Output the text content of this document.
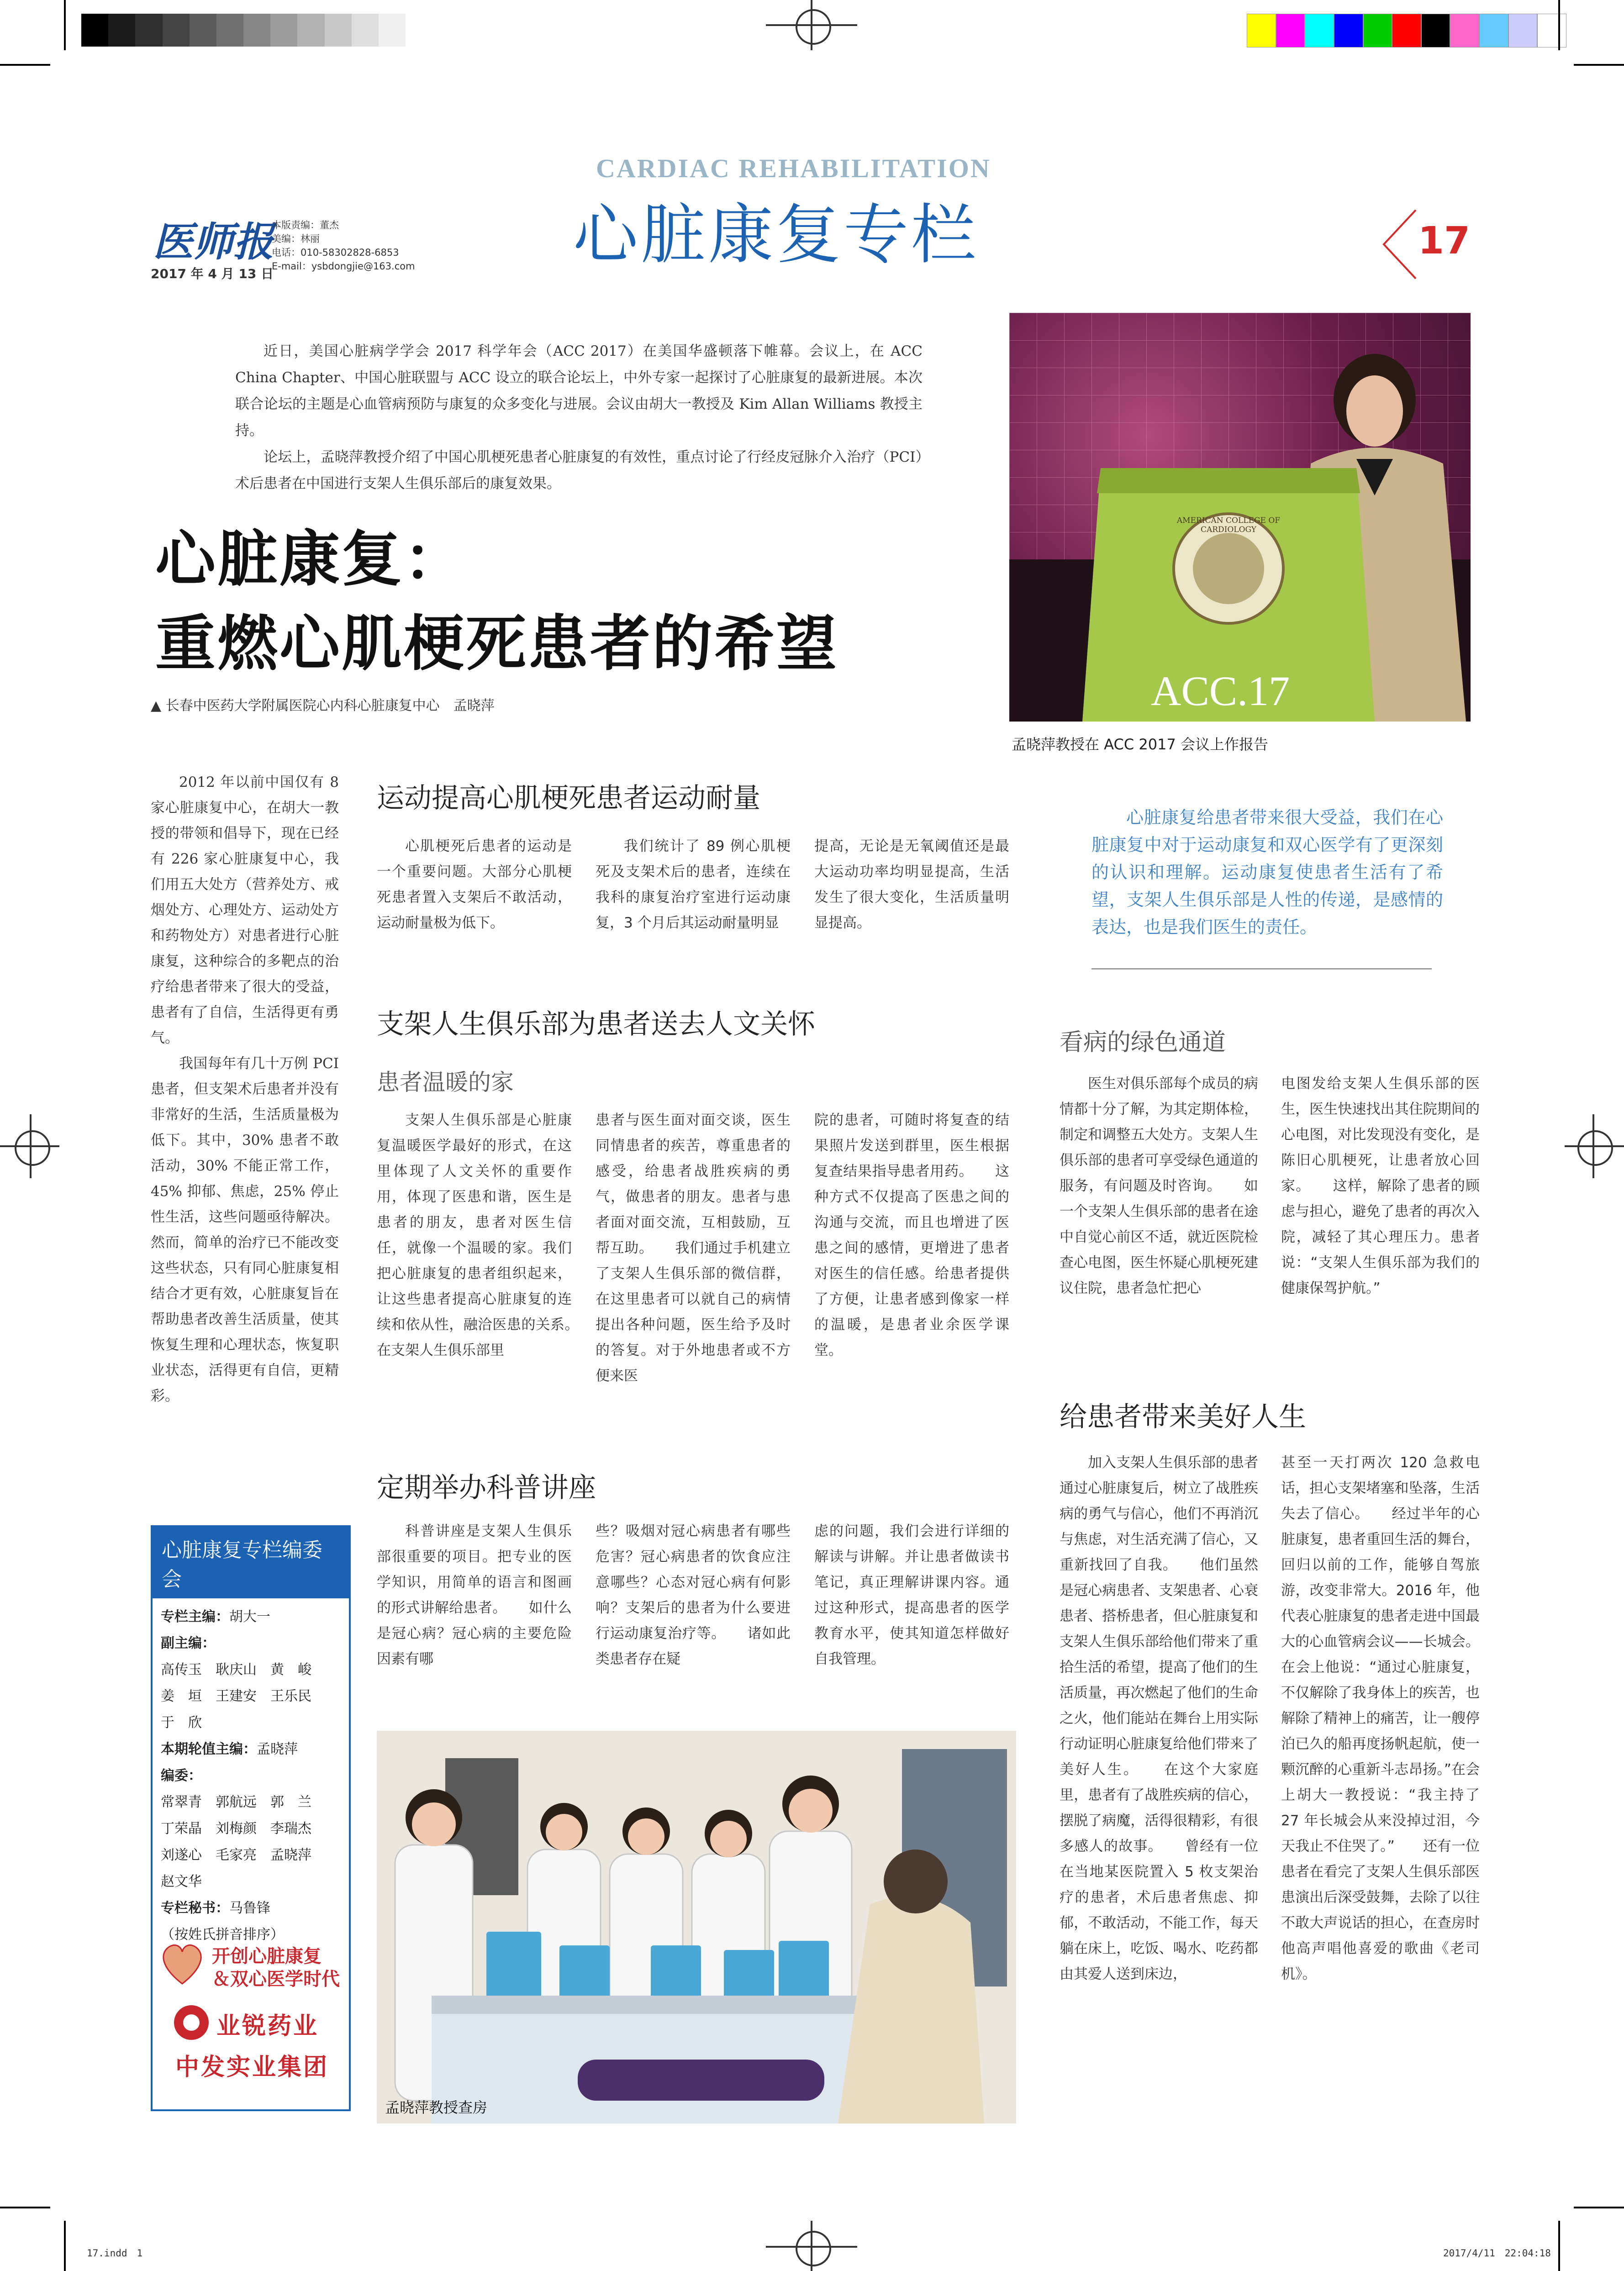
医师报
2017 年 4 月 13 日
本版责编：董杰
美编：林丽
电话：010-58302828-6853
E-mail：ysbdongjie@163.com
CARDIAC REHABILITATION
心脏康复专栏	17

近日，美国心脏病学学会 2017 科学年会（ACC 2017）在美国华盛顿落下帷幕。会议上，在 ACC China Chapter、中国心脏联盟与 ACC 设立的联合论坛上，中外专家一起探讨了心脏康复的最新进展。本次联合论坛的主题是心血管病预防与康复的众多变化与进展。会议由胡大一教授及 Kim Allan Williams 教授主持。

论坛上，孟晓萍教授介绍了中国心肌梗死患者心脏康复的有效性，重点讨论了行经皮冠脉介入治疗（PCI）术后患者在中国进行支架人生俱乐部后的康复效果。

心脏康复：
重燃心肌梗死患者的希望
▲ 长春中医药大学附属医院心内科心脏康复中心　孟晓萍
AMERICAN COLLEGE OF CARDIOLOGY
ACC.17
孟晓萍教授在 ACC 2017 会议上作报告

2012 年以前中国仅有 8 家心脏康复中心，在胡大一教授的带领和倡导下，现在已经有 226 家心脏康复中心，我们用五大处方（营养处方、戒烟处方、心理处方、运动处方和药物处方）对患者进行心脏康复，这种综合的多靶点的治疗给患者带来了很大的受益，患者有了自信，生活得更有勇气。

我国每年有几十万例 PCI 患者，但支架术后患者并没有非常好的生活，生活质量极为低下。其中，30% 患者不敢活动，30% 不能正常工作，45% 抑郁、焦虑，25% 停止性生活，这些问题亟待解决。然而，简单的治疗已不能改变这些状态，只有同心脏康复相结合才更有效，心脏康复旨在帮助患者改善生活质量，使其恢复生理和心理状态，恢复职业状态，活得更有自信，更精彩。

运动提高心肌梗死患者运动耐量

心肌梗死后患者的运动是一个重要问题。大部分心肌梗死患者置入支架后不敢活动，运动耐量极为低下。

我们统计了 89 例心肌梗死及支架术后的患者，连续在我科的康复治疗室进行运动康复，3 个月后其运动耐量明显

提高，无论是无氧阈值还是最大运动功率均明显提高，生活发生了很大变化，生活质量明显提高。

心脏康复给患者带来很大受益，我们在心脏康复中对于运动康复和双心医学有了更深刻的认识和理解。运动康复使患者生活有了希望，支架人生俱乐部是人性的传递，是感情的表达，也是我们医生的责任。
支架人生俱乐部为患者送去人文关怀
患者温暖的家

支架人生俱乐部是心脏康复温暖医学最好的形式，在这里体现了人文关怀的重要作用，体现了医患和谐，医生是患者的朋友，患者对医生信任，就像一个温暖的家。我们把心脏康复的患者组织起来，让这些患者提高心脏康复的连续和依从性，融洽医患的关系。　　在支架人生俱乐部里

患者与医生面对面交谈，医生同情患者的疾苦，尊重患者的感受，给患者战胜疾病的勇气，做患者的朋友。患者与患者面对面交流，互相鼓励，互帮互助。　　我们通过手机建立了支架人生俱乐部的微信群，在这里患者可以就自己的病情提出各种问题，医生给予及时的答复。对于外地患者或不方便来医

院的患者，可随时将复查的结果照片发送到群里，医生根据复查结果指导患者用药。　　这种方式不仅提高了医患之间的沟通与交流，而且也增进了医患之间的感情，更增进了患者对医生的信任感。给患者提供了方便，让患者感到像家一样的温暖，是患者业余医学课堂。

定期举办科普讲座

科普讲座是支架人生俱乐部很重要的项目。把专业的医学知识，用简单的语言和图画的形式讲解给患者。　　如什么是冠心病？冠心病的主要危险因素有哪

些？吸烟对冠心病患者有哪些危害？冠心病患者的饮食应注意哪些？心态对冠心病有何影响？支架后的患者为什么要进行运动康复治疗等。　　诸如此类患者存在疑

虑的问题，我们会进行详细的解读与讲解。并让患者做读书笔记，真正理解讲课内容。通过这种形式，提高患者的医学教育水平，使其知道怎样做好自我管理。

孟晓萍教授查房
看病的绿色通道

医生对俱乐部每个成员的病情都十分了解，为其定期体检，制定和调整五大处方。支架人生俱乐部的患者可享受绿色通道的服务，有问题及时咨询。　　如一个支架人生俱乐部的患者在途中自觉心前区不适，就近医院检查心电图，医生怀疑心肌梗死建议住院，患者急忙把心

电图发给支架人生俱乐部的医生，医生快速找出其住院期间的心电图，对比发现没有变化，是陈旧心肌梗死，让患者放心回家。　　这样，解除了患者的顾虑与担心，避免了患者的再次入院，减轻了其心理压力。患者说：“支架人生俱乐部为我们的健康保驾护航。”

给患者带来美好人生

加入支架人生俱乐部的患者通过心脏康复后，树立了战胜疾病的勇气与信心，他们不再消沉与焦虑，对生活充满了信心，又重新找回了自我。　　他们虽然是冠心病患者、支架患者、心衰患者、搭桥患者，但心脏康复和支架人生俱乐部给他们带来了重拾生活的希望，提高了他们的生活质量，再次燃起了他们的生命之火，他们能站在舞台上用实际行动证明心脏康复给他们带来了美好人生。　　在这个大家庭里，患者有了战胜疾病的信心，摆脱了病魔，活得很精彩，有很多感人的故事。　　曾经有一位在当地某医院置入 5 枚支架治疗的患者，术后患者焦虑、抑郁，不敢活动，不能工作，每天躺在床上，吃饭、喝水、吃药都由其爱人送到床边，

甚至一天打两次 120 急救电话，担心支架堵塞和坠落，生活失去了信心。　　经过半年的心脏康复，患者重回生活的舞台，回归以前的工作，能够自驾旅游，改变非常大。2016 年，他代表心脏康复的患者走进中国最大的心血管病会议——长城会。在会上他说：“通过心脏康复，不仅解除了我身体上的疾苦，也解除了精神上的痛苦，让一艘停泊已久的船再度扬帆起航，使一颗沉醉的心重新斗志昂扬。”在会上胡大一教授说：“我主持了 27 年长城会从来没掉过泪，今天我止不住哭了。”　　还有一位患者在看完了支架人生俱乐部医患演出后深受鼓舞，去除了以往不敢大声说话的担心，在查房时他高声唱他喜爱的歌曲《老司机》。

心脏康复专栏编委会
专栏主编：胡大一
副主编：
高传玉　耿庆山　黄　峻
姜　垣　王建安　王乐民
于　欣
本期轮值主编：孟晓萍
编委：
常翠青　郭航远　郭　兰
丁荣晶　刘梅颜　李瑞杰
刘遂心　毛家亮　孟晓萍
赵文华
专栏秘书：马鲁锋
（按姓氏拼音排序）
开创心脏康复
＆双心医学时代
业锐药业
中发实业集团
17.indd　1	2017/4/11　22:04:18
